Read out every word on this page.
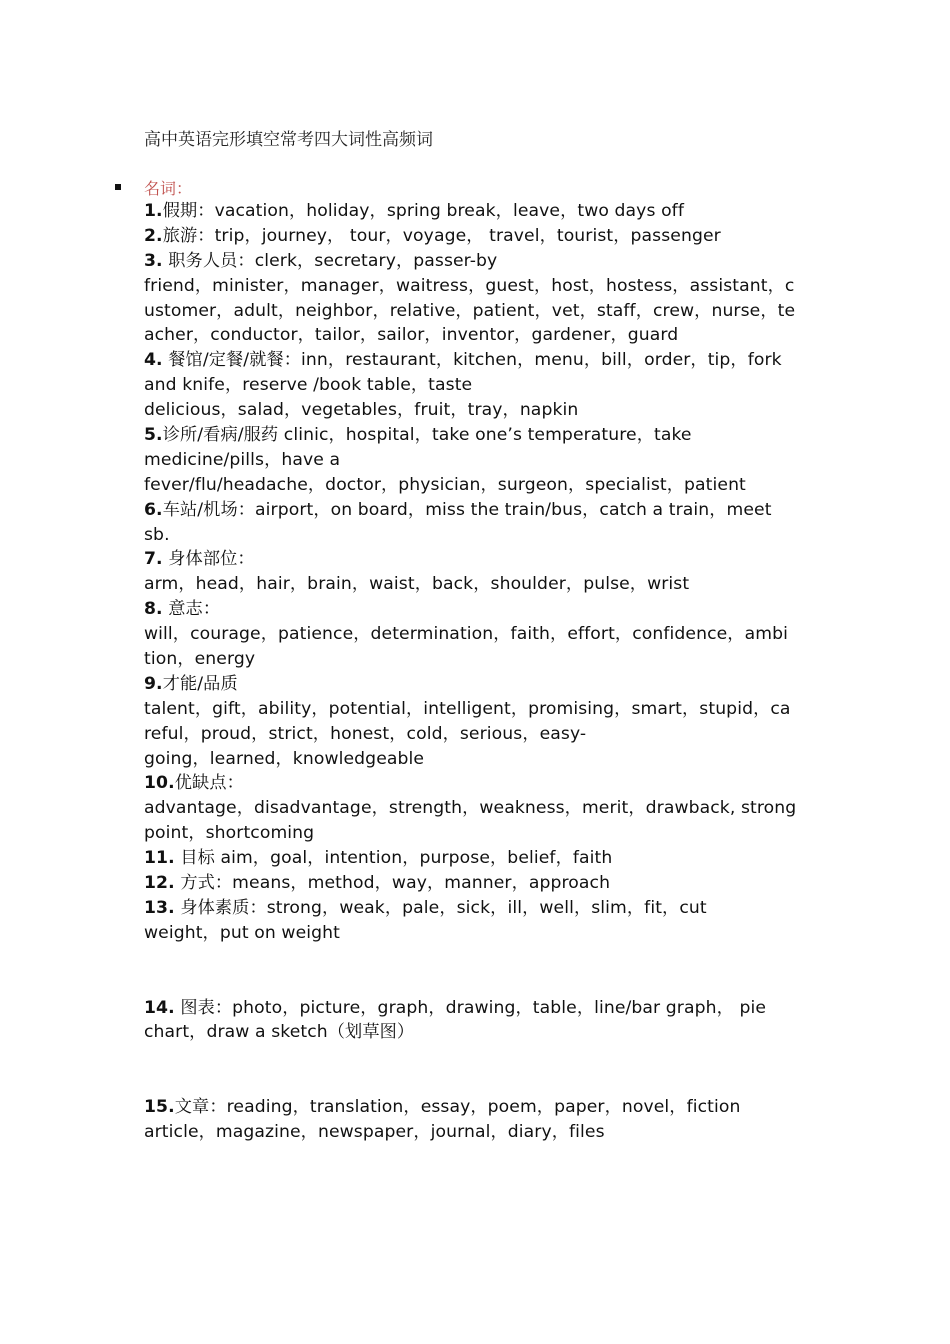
高中英语完形填空常考四大词性高频词
名词：
1.假期：vacation，holiday，spring break，leave，two days off
2.旅游：trip，journey， tour，voyage， travel，tourist，passenger
3. 职务人员：clerk，secretary，passer-by
friend，minister，manager，waitress，guest，host，hostess，assistant，c
ustomer，adult，neighbor，relative，patient，vet，staff，crew，nurse，te
acher，conductor，tailor，sailor，inventor，gardener，guard
4. 餐馆/定餐/就餐：inn，restaurant，kitchen，menu，bill，order，tip，fork
and knife，reserve /book table，taste
delicious，salad，vegetables，fruit，tray，napkin
5.诊所/看病/服药 clinic，hospital，take one’s temperature，take
medicine/pills，have a
fever/flu/headache，doctor，physician，surgeon，specialist，patient
6.车站/机场：airport，on board，miss the train/bus，catch a train，meet
sb.
7. 身体部位：
arm，head，hair，brain，waist，back，shoulder，pulse，wrist
8. 意志：
will，courage，patience，determination，faith，effort，confidence，ambi
tion，energy
9.才能/品质
talent，gift，ability，potential，intelligent，promising，smart，stupid，ca
reful，proud，strict，honest，cold，serious，easy-
going，learned，knowledgeable
10.优缺点：
advantage，disadvantage，strength，weakness，merit，drawback, strong
point，shortcoming
11. 目标 aim，goal，intention，purpose，belief，faith
12. 方式：means，method，way，manner，approach
13. 身体素质：strong，weak，pale，sick，ill，well，slim，fit，cut
weight，put on weight
14. 图表：photo，picture，graph，drawing，table，line/bar graph， pie
chart，draw a sketch（划草图）
15.文章：reading，translation，essay，poem，paper，novel，fiction
article，magazine，newspaper，journal，diary，files
